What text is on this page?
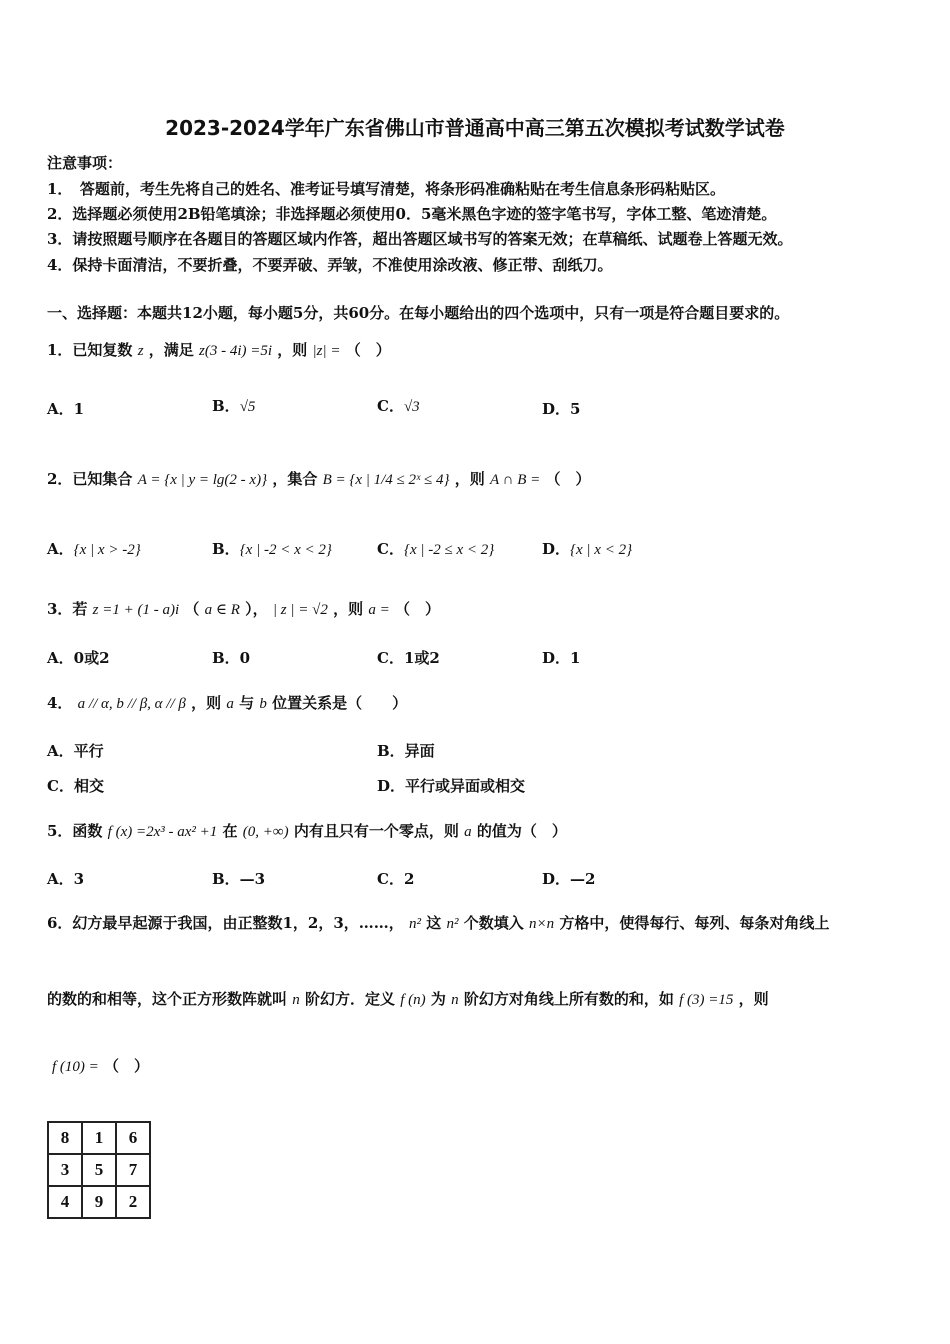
2023-2024学年广东省佛山市普通高中高三第五次模拟考试数学试卷
注意事项：
1．　答题前，考生先将自己的姓名、准考证号填写清楚，将条形码准确粘贴在考生信息条形码粘贴区。
2．选择题必须使用2B铅笔填涂；非选择题必须使用0．5毫米黑色字迹的签字笔书写，字体工整、笔迹清楚。
3．请按照题号顺序在各题目的答题区域内作答，超出答题区域书写的答案无效；在草稿纸、试题卷上答题无效。
4．保持卡面清洁，不要折叠，不要弄破、弄皱，不准使用涂改液、修正带、刮纸刀。
一、选择题：本题共12小题，每小题5分，共60分。在每小题给出的四个选项中，只有一项是符合题目要求的。
1．已知复数 z ，满足 z(3 - 4i) =5i ，则 |z| = （　）
A．1	B．√5	C．√3	D．5
2．已知集合 A = {x | y = lg(2 - x)} ，集合 B = {x | 1/4 ≤ 2ˣ ≤ 4} ，则 A ∩ B = （　）
A．{x | x > -2}	B．{x | -2 < x < 2}	C．{x | -2 ≤ x < 2}	D．{x | x < 2}
3．若 z =1 + (1 - a)i （ a ∈ R ）， | z | = √2 ，则 a = （　）
A．0或2	B．0	C．1或2	D．1
4． a // α, b // β, α // β ，则 a 与 b 位置关系是（　　）
A．平行	B．异面
C．相交	D．平行或异面或相交
5．函数 f (x) =2x³ - ax² +1 在 (0, +∞) 内有且只有一个零点，则 a 的值为（　）
A．3	B．—3	C．2	D．—2
6．幻方最早起源于我国，由正整数1，2，3，……， n² 这 n² 个数填入 n×n 方格中，使得每行、每列、每条对角线上
的数的和相等，这个正方形数阵就叫 n 阶幻方．定义 f (n) 为 n 阶幻方对角线上所有数的和，如 f (3) =15 ，则
f (10) = （　）
8	1	6
3	5	7
4	9	2
